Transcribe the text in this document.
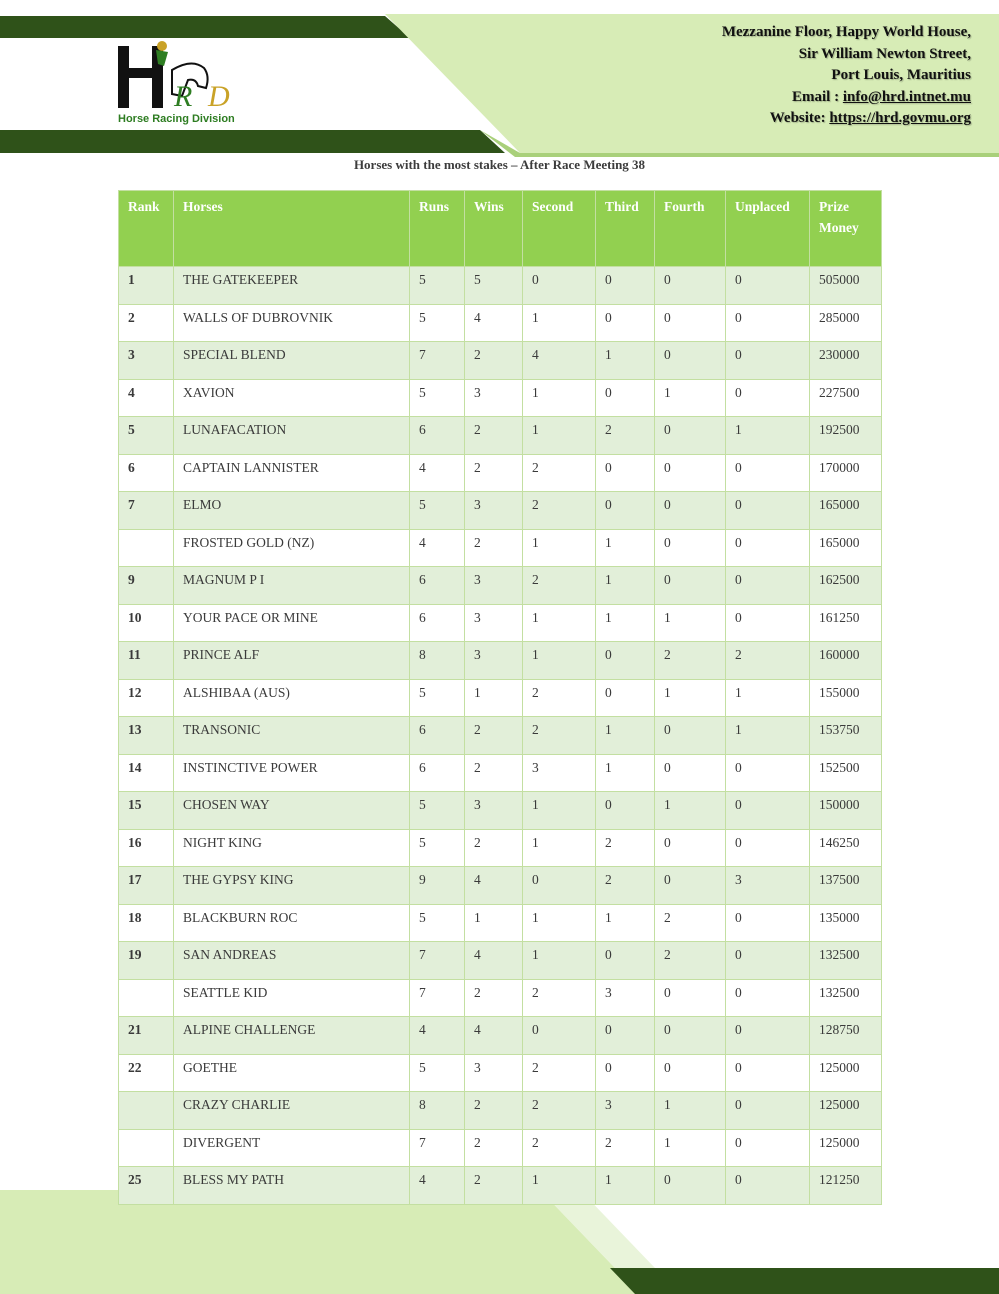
R D
Horse Racing Division
Mezzanine Floor, Happy World House,
Sir William Newton Street,
Port Louis, Mauritius
Email : info@hrd.intnet.mu
Website: https://hrd.govmu.org
Horses with the most stakes – After Race Meeting 38
Rank	Horses	Runs	Wins	Second	Third	Fourth	Unplaced	Prize Money
1	THE GATEKEEPER	5	5	0	0	0	0	505000
2	WALLS OF DUBROVNIK	5	4	1	0	0	0	285000
3	SPECIAL BLEND	7	2	4	1	0	0	230000
4	XAVION	5	3	1	0	1	0	227500
5	LUNAFACATION	6	2	1	2	0	1	192500
6	CAPTAIN LANNISTER	4	2	2	0	0	0	170000
7	ELMO	5	3	2	0	0	0	165000
	FROSTED GOLD (NZ)	4	2	1	1	0	0	165000
9	MAGNUM P I	6	3	2	1	0	0	162500
10	YOUR PACE OR MINE	6	3	1	1	1	0	161250
11	PRINCE ALF	8	3	1	0	2	2	160000
12	ALSHIBAA (AUS)	5	1	2	0	1	1	155000
13	TRANSONIC	6	2	2	1	0	1	153750
14	INSTINCTIVE POWER	6	2	3	1	0	0	152500
15	CHOSEN WAY	5	3	1	0	1	0	150000
16	NIGHT KING	5	2	1	2	0	0	146250
17	THE GYPSY KING	9	4	0	2	0	3	137500
18	BLACKBURN ROC	5	1	1	1	2	0	135000
19	SAN ANDREAS	7	4	1	0	2	0	132500
	SEATTLE KID	7	2	2	3	0	0	132500
21	ALPINE CHALLENGE	4	4	0	0	0	0	128750
22	GOETHE	5	3	2	0	0	0	125000
	CRAZY CHARLIE	8	2	2	3	1	0	125000
	DIVERGENT	7	2	2	2	1	0	125000
25	BLESS MY PATH	4	2	1	1	0	0	121250
